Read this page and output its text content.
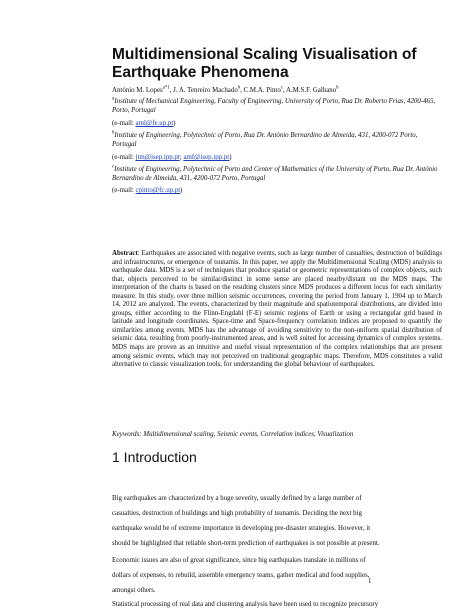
Multidimensional Scaling Visualisation of
Earthquake Phenomena
António M. Lopes$^{a*1}$, J. A. Tenreiro Machado$^b$, C.M.A. Pinto$^c$, A.M.S.F. Galhano$^b$
$^a$Institute of Mechanical Engineering, Faculty of Engineering, University of Porto, Rua Dr. Roberto Frias, 4200-465, Porto, Portugal
(e-mail: aml@fe.up.pt)
$^b$Institute of Engineering, Polytechnic of Porto, Rua Dr. António Bernardino de Almeida, 431, 4200-072 Porto, Portugal
(e-mail: jtm@isep.ipp.pt; amf@isep.ipp.pt)
$^c$Institute of Engineering, Polytechnic of Porto and Center of Mathematics of the University of Porto, Rua Dr. António Bernardino de Almeida, 431, 4200-072 Porto, Portugal
(e-mail: cpinto@fc.up.pt)
Abstract: Earthquakes are associated with negative events, such as large number of casualties, destruction of buildings and infrastructures, or emergence of tsunamis. In this paper, we apply the Multidimensional Scaling (MDS) analysis to earthquake data. MDS is a set of techniques that produce spatial or geometric representations of complex objects, such that, objects perceived to be similar/distinct in some sense are placed nearby/distant on the MDS maps. The interpretation of the charts is based on the resulting clusters since MDS produces a different locus for each similarity measure. In this study, over three million seismic occurrences, covering the period from January 1, 1904 up to March 14, 2012 are analyzed. The events, characterized by their magnitude and spatiotemporal distributions, are divided into groups, either according to the Flinn-Engdahl (F-E) seismic regions of Earth or using a rectangular grid based in latitude and longitude coordinates. Space-time and Space-frequency correlation indices are proposed to quantify the similarities among events. MDS has the advantage of avoiding sensitivity to the non-uniform spatial distribution of seismic data, resulting from poorly-instrumented areas, and is well suited for accessing dynamics of complex systems. MDS maps are proven as an intuitive and useful visual representation of the complex relationships that are present among seismic events, which may not perceived on traditional geographic maps. Therefore, MDS constitutes a valid alternative to classic visualization tools, for understanding the global behaviour of earthquakes.
Keywords: Multidimensional scaling, Seismic events, Correlation indices, Visualization
1 Introduction
Big earthquakes are characterized by a huge severity, usually defined by a large number of
casualties, destruction of buildings and high probability of tsunamis. Deciding the next big
earthquake would be of extreme importance in developing pre-disaster strategies. However, it
should be highlighted that reliable short-term prediction of earthquakes is not possible at present.
Economic issues are also of great significance, since big earthquakes translate in millions of
dollars of expenses, to rebuild, assemble emergency teams, gather medical and food supplies,
amongst others.
Statistical processing of real data and clustering analysis have been used to recognize precursory
1
